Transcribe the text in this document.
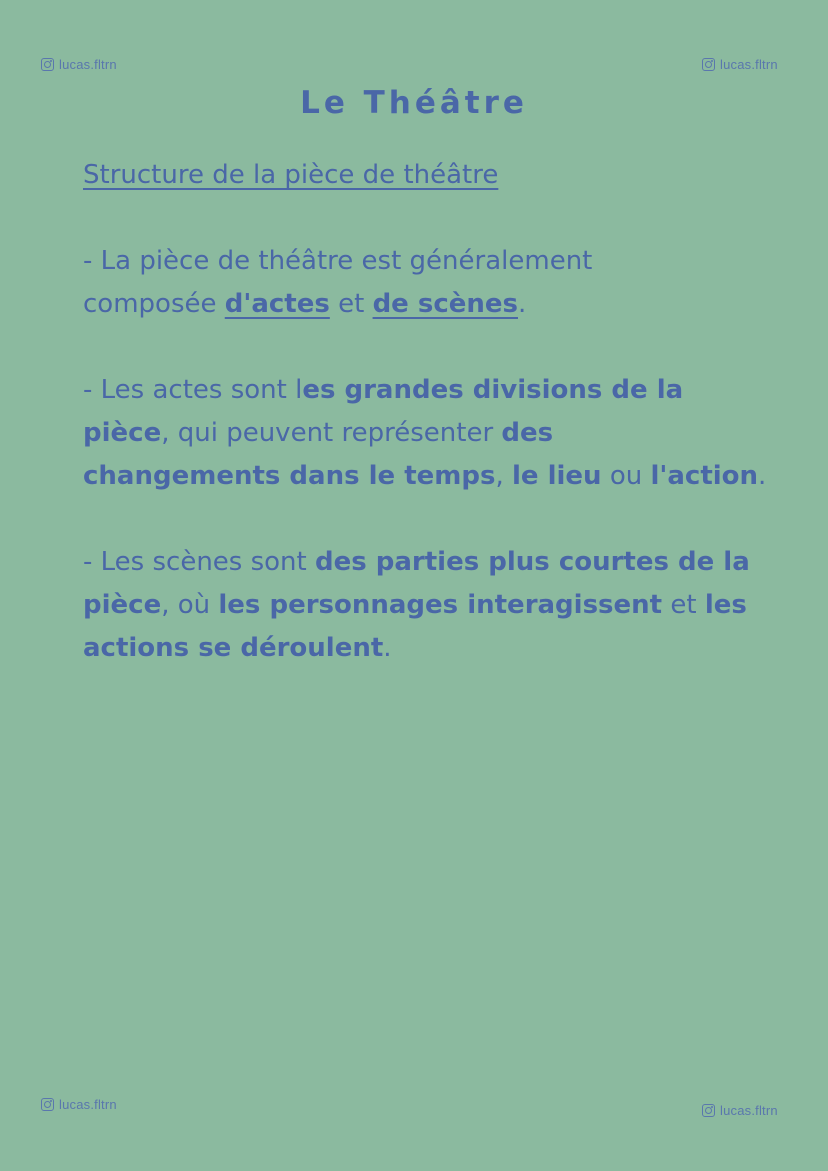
lucas.fltrn	lucas.fltrn
lucas.fltrn	lucas.fltrn
Le Théâtre

Structure de la pièce de théâtre

- La pièce de théâtre est généralement
composée d'actes et de scènes.

- Les actes sont les grandes divisions de la
pièce, qui peuvent représenter des
changements dans le temps, le lieu ou l'action.

- Les scènes sont des parties plus courtes de la
pièce, où les personnages interagissent et les
actions se déroulent.
